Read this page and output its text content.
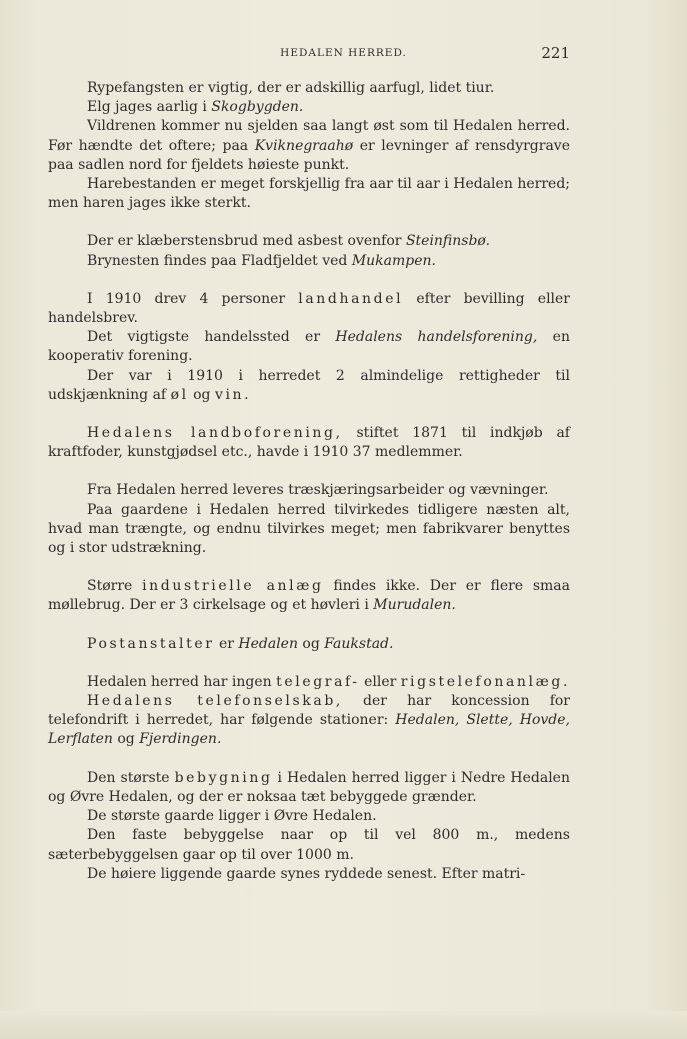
HEDALEN HERRED.	221

Rypefangsten er vigtig, der er adskillig aarfugl, lidet tiur.

Elg jages aarlig i Skogbygden.

Vildrenen kommer nu sjelden saa langt øst som til Hedalen herred. Før hændte det oftere; paa Kviknegraahø er levninger af rensdyrgrave paa sadlen nord for fjeldets høieste punkt.

Harebestanden er meget forskjellig fra aar til aar i Hedalen herred; men haren jages ikke sterkt.

Der er klæberstensbrud med asbest ovenfor Steinfinsbø.

Brynesten findes paa Fladfjeldet ved Mukampen.

I 1910 drev 4 personer landhandel efter bevilling eller handelsbrev.

Det vigtigste handelssted er Hedalens handelsforening, en kooperativ forening.

Der var i 1910 i herredet 2 almindelige rettigheder til udskjænkning af øl og vin.

Hedalens landboforening, stiftet 1871 til indkjøb af kraftfoder, kunstgjødsel etc., havde i 1910 37 medlemmer.

Fra Hedalen herred leveres træskjæringsarbeider og vævninger.

Paa gaardene i Hedalen herred tilvirkedes tidligere næsten alt, hvad man trængte, og endnu tilvirkes meget; men fabrikvarer benyttes og i stor udstrækning.

Større industrielle anlæg findes ikke. Der er flere smaa møllebrug. Der er 3 cirkelsage og et høvleri i Murudalen.

Postanstalter er Hedalen og Faukstad.

Hedalen herred har ingen telegraf- eller rigstelefonanlæg.

Hedalens telefonselskab, der har koncession for telefondrift i herredet, har følgende stationer: Hedalen, Slette, Hovde, Lerflaten og Fjerdingen.

Den største bebygning i Hedalen herred ligger i Nedre Hedalen og Øvre Hedalen, og der er noksaa tæt bebyggede grænder.

De største gaarde ligger i Øvre Hedalen.

Den faste bebyggelse naar op til vel 800 m., medens sæterbebyggelsen gaar op til over 1000 m.

De høiere liggende gaarde synes ryddede senest. Efter matri-
